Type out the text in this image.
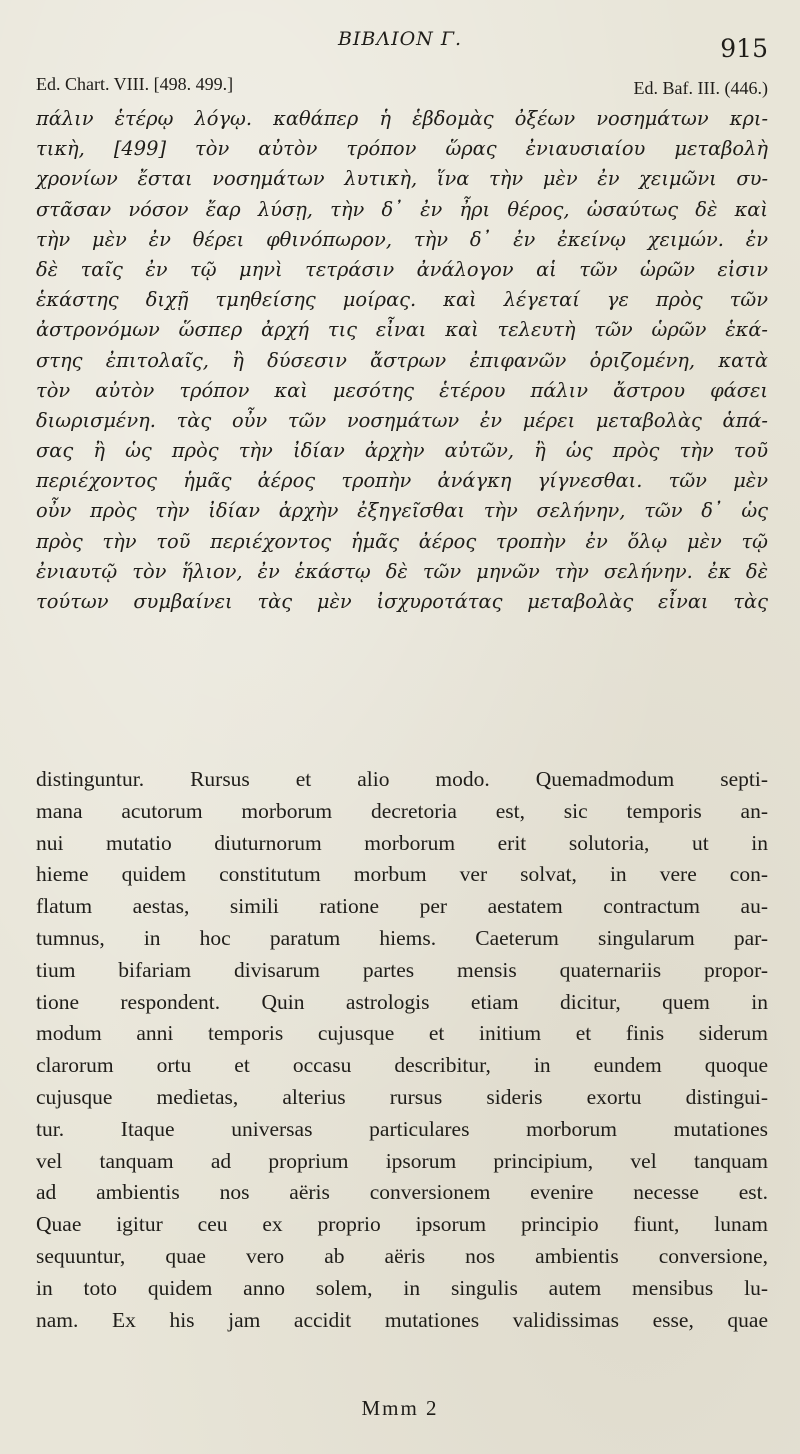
BIBΛΙΟΝ Γ.	915
Ed. Chart. VIII. [498. 499.]	Ed. Baf. III. (446.)
πάλιν ἑτέρῳ λόγῳ. καθάπερ ἡ ἑβδομὰς ὀξέων νοσημάτων κρι-
τικὴ, [499] τὸν αὐτὸν τρόπον ὥρας ἐνιαυσιαίου μεταβολὴ
χρονίων ἔσται νοσημάτων λυτικὴ, ἵνα τὴν μὲν ἐν χειμῶνι συ-
στᾶσαν νόσον ἔαρ λύσῃ, τὴν δ᾽ ἐν ἦρι θέρος, ὡσαύτως δὲ καὶ
τὴν μὲν ἐν θέρει φθινόπωρον, τὴν δ᾽ ἐν ἐκείνῳ χειμών. ἐν
δὲ ταῖς ἐν τῷ μηνὶ τετράσιν ἀνάλογον αἱ τῶν ὡρῶν εἰσιν
ἑκάστης διχῇ τμηθείσης μοίρας. καὶ λέγεταί γε πρὸς τῶν
ἀστρονόμων ὥσπερ ἀρχή τις εἶναι καὶ τελευτὴ τῶν ὡρῶν ἑκά-
στης ἐπιτολαῖς, ἢ δύσεσιν ἄστρων ἐπιφανῶν ὁριζομένη, κατὰ
τὸν αὐτὸν τρόπον καὶ μεσότης ἑτέρου πάλιν ἄστρου φάσει
διωρισμένη. τὰς οὖν τῶν νοσημάτων ἐν μέρει μεταβολὰς ἁπά-
σας ἢ ὡς πρὸς τὴν ἰδίαν ἀρχὴν αὐτῶν, ἢ ὡς πρὸς τὴν τοῦ
περιέχοντος ἡμᾶς ἀέρος τροπὴν ἀνάγκη γίγνεσθαι. τῶν μὲν
οὖν πρὸς τὴν ἰδίαν ἀρχὴν ἐξηγεῖσθαι τὴν σελήνην, τῶν δ᾽ ὡς
πρὸς τὴν τοῦ περιέχοντος ἡμᾶς ἀέρος τροπὴν ἐν ὅλῳ μὲν τῷ
ἐνιαυτῷ τὸν ἥλιον, ἐν ἑκάστῳ δὲ τῶν μηνῶν τὴν σελήνην. ἐκ δὲ
τούτων συμβαίνει τὰς μὲν ἰσχυροτάτας μεταβολὰς εἶναι τὰς
distinguntur. Rursus et alio modo. Quemadmodum septi-
mana acutorum morborum decretoria est, sic temporis an-
nui mutatio diuturnorum morborum erit solutoria, ut in
hieme quidem constitutum morbum ver solvat, in vere con-
flatum aestas, simili ratione per aestatem contractum au-
tumnus, in hoc paratum hiems. Caeterum singularum par-
tium bifariam divisarum partes mensis quaternariis propor-
tione respondent. Quin astrologis etiam dicitur, quem in
modum anni temporis cujusque et initium et finis siderum
clarorum ortu et occasu describitur, in eundem quoque
cujusque medietas, alterius rursus sideris exortu distingui-
tur. Itaque universas particulares morborum mutationes
vel tanquam ad proprium ipsorum principium, vel tanquam
ad ambientis nos aëris conversionem evenire necesse est.
Quae igitur ceu ex proprio ipsorum principio fiunt, lunam
sequuntur, quae vero ab aëris nos ambientis conversione,
in toto quidem anno solem, in singulis autem mensibus lu-
nam. Ex his jam accidit mutationes validissimas esse, quae
Mmm 2
